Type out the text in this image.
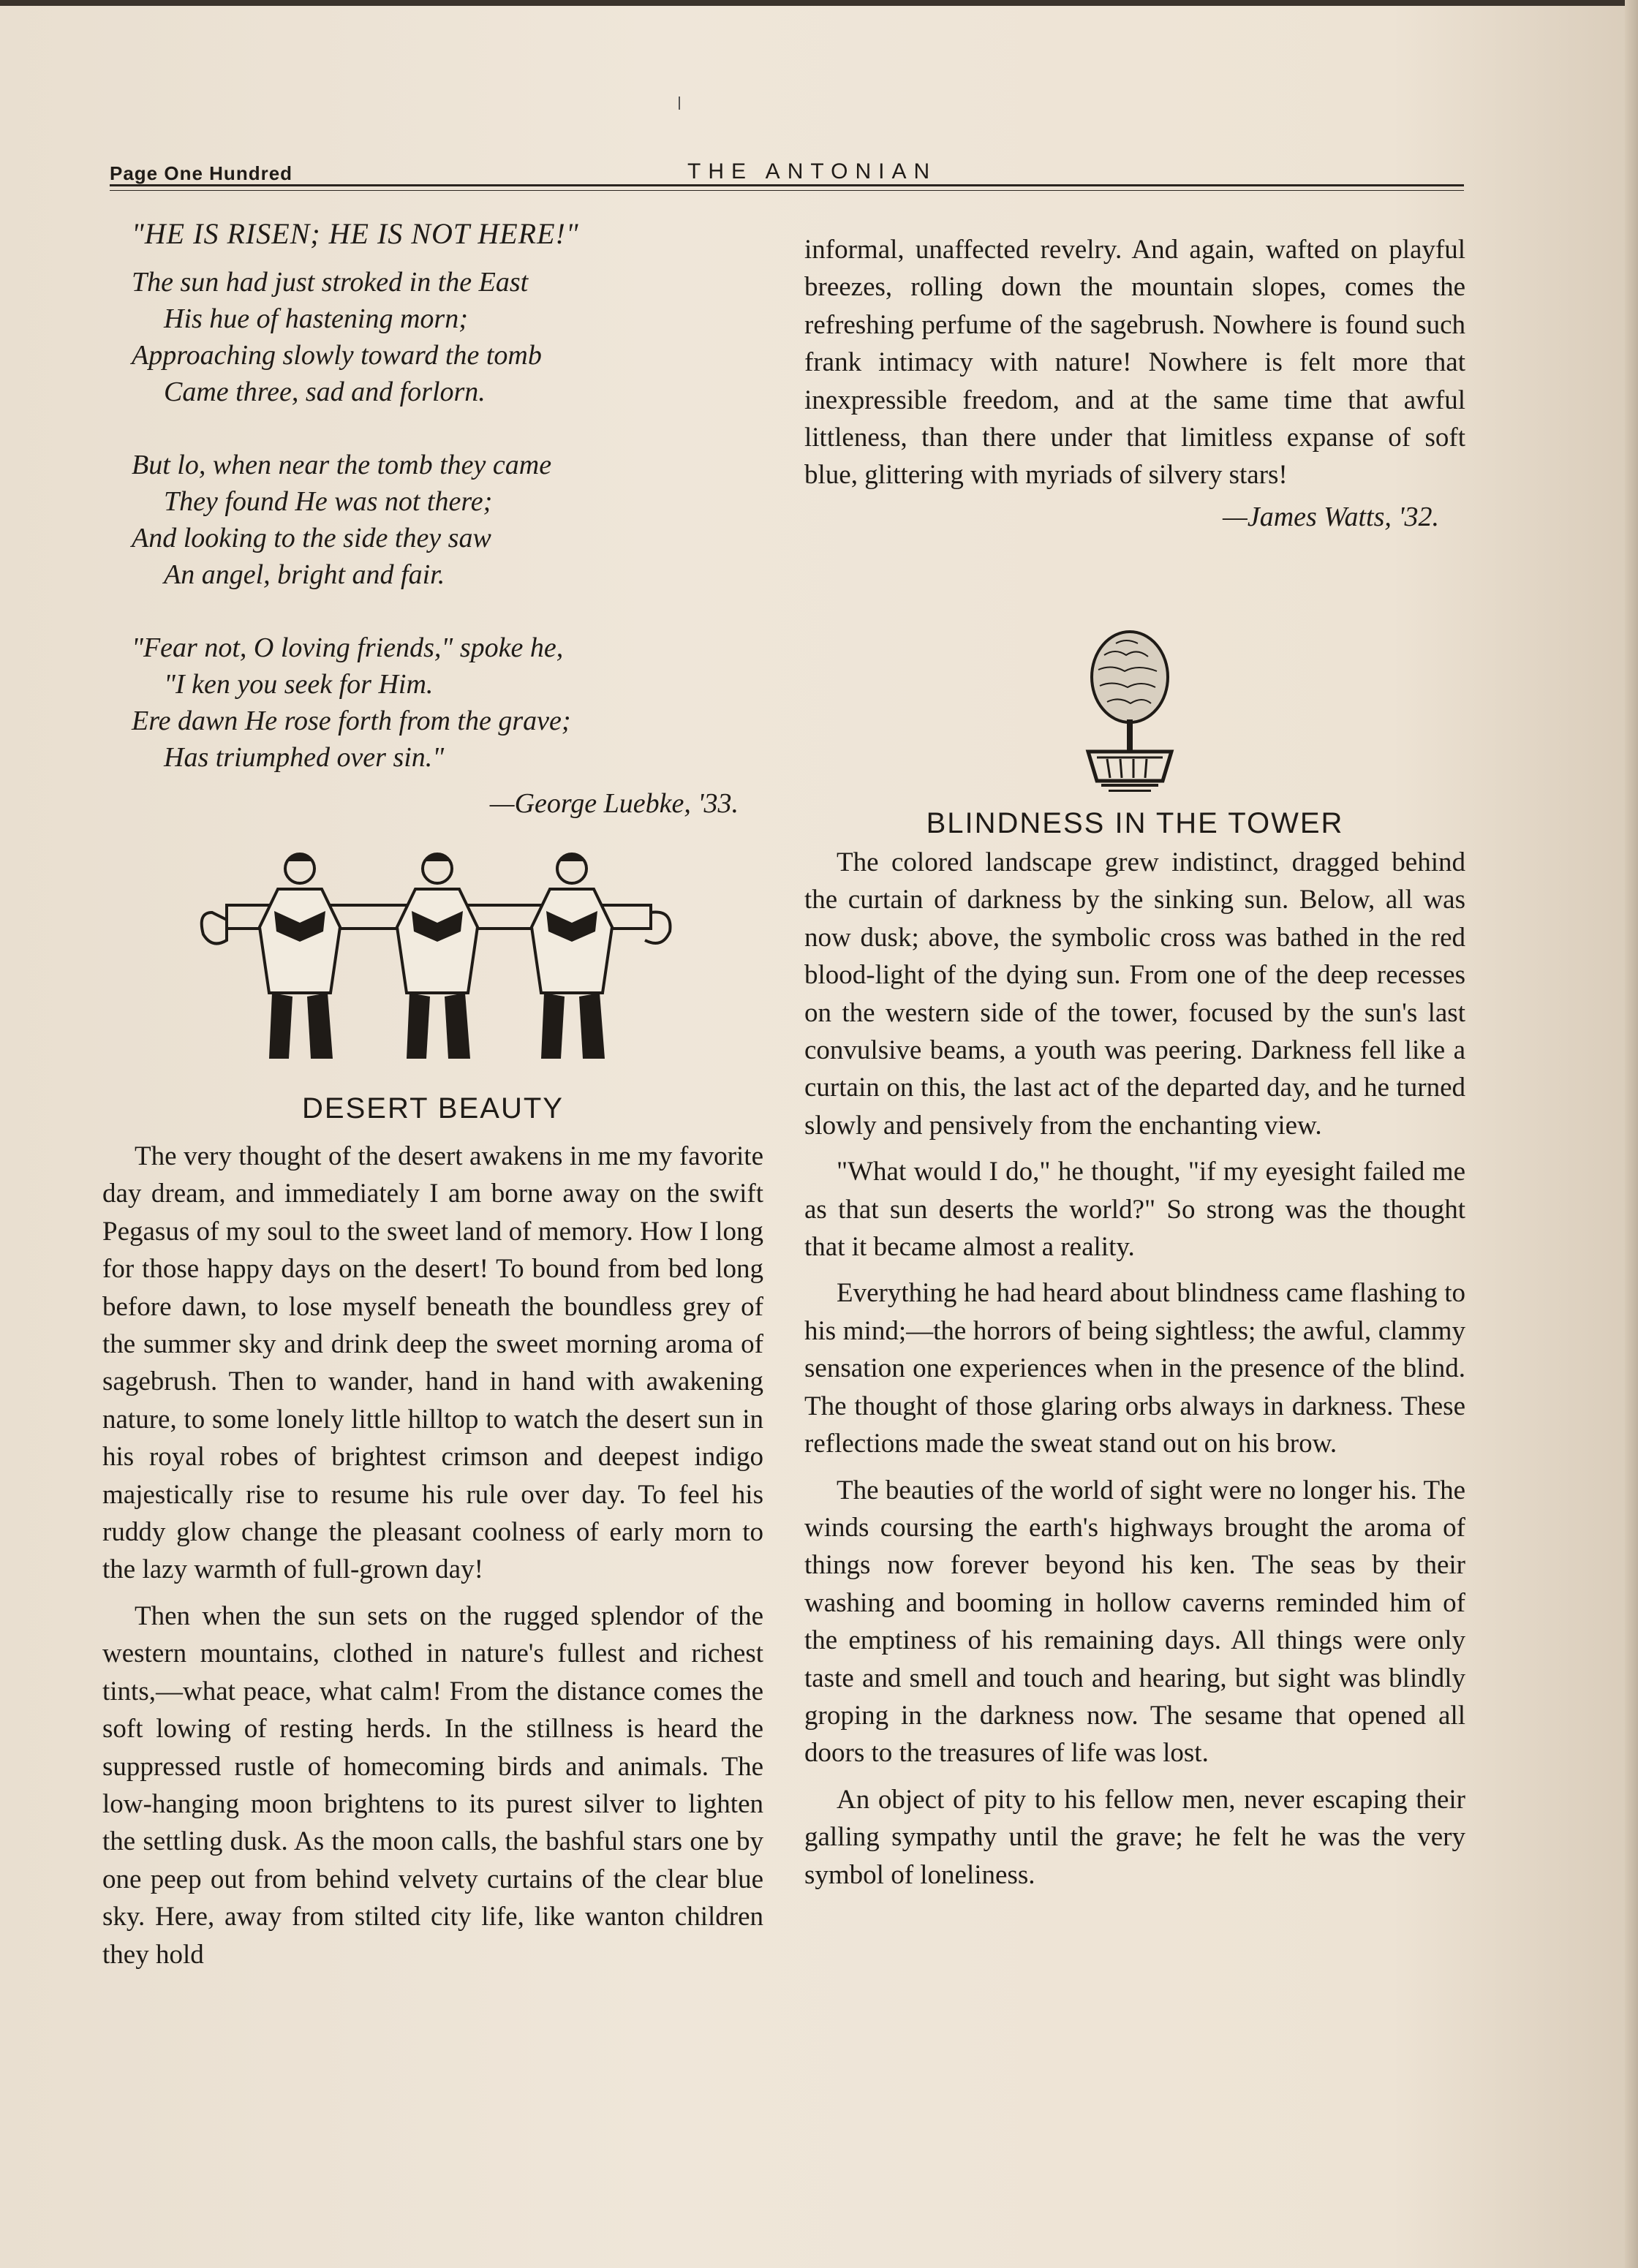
Page One Hundred	THE ANTONIAN
"HE IS RISEN; HE IS NOT HERE!"
The sun had just stroked in the East
His hue of hastening morn;
Approaching slowly toward the tomb
Came three, sad and forlorn.
But lo, when near the tomb they came
They found He was not there;
And looking to the side they saw
An angel, bright and fair.
"Fear not, O loving friends," spoke he,
"I ken you seek for Him.
Ere dawn He rose forth from the grave;
Has triumphed over sin."
—George Luebke, '33.
DESERT BEAUTY

The very thought of the desert awakens in me my favorite day dream, and immediately I am borne away on the swift Pegasus of my soul to the sweet land of memory. How I long for those happy days on the desert! To bound from bed long before dawn, to lose myself beneath the boundless grey of the summer sky and drink deep the sweet morning aroma of sagebrush. Then to wander, hand in hand with awakening nature, to some lonely little hilltop to watch the desert sun in his royal robes of brightest crimson and deepest indigo majestically rise to resume his rule over day. To feel his ruddy glow change the pleasant coolness of early morn to the lazy warmth of full-grown day!

Then when the sun sets on the rugged splendor of the western mountains, clothed in nature's fullest and richest tints,—what peace, what calm! From the distance comes the soft lowing of resting herds. In the stillness is heard the suppressed rustle of homecoming birds and animals. The low-hanging moon brightens to its purest silver to lighten the settling dusk. As the moon calls, the bashful stars one by one peep out from behind velvety curtains of the clear blue sky. Here, away from stilted city life, like wanton children they hold

informal, unaffected revelry. And again, wafted on playful breezes, rolling down the mountain slopes, comes the refreshing perfume of the sagebrush. Nowhere is found such frank intimacy with nature! Nowhere is felt more that inexpressible freedom, and at the same time that awful littleness, than there under that limitless expanse of soft blue, glittering with myriads of silvery stars!

—James Watts, '32.
BLINDNESS IN THE TOWER

The colored landscape grew indistinct, dragged behind the curtain of darkness by the sinking sun. Below, all was now dusk; above, the symbolic cross was bathed in the red blood-light of the dying sun. From one of the deep recesses on the western side of the tower, focused by the sun's last convulsive beams, a youth was peering. Darkness fell like a curtain on this, the last act of the departed day, and he turned slowly and pensively from the enchanting view.

"What would I do," he thought, "if my eyesight failed me as that sun deserts the world?" So strong was the thought that it became almost a reality.

Everything he had heard about blindness came flashing to his mind;—the horrors of being sightless; the awful, clammy sensation one experiences when in the presence of the blind. The thought of those glaring orbs always in darkness. These reflections made the sweat stand out on his brow.

The beauties of the world of sight were no longer his. The winds coursing the earth's highways brought the aroma of things now forever beyond his ken. The seas by their washing and booming in hollow caverns reminded him of the emptiness of his remaining days. All things were only taste and smell and touch and hearing, but sight was blindly groping in the darkness now. The sesame that opened all doors to the treasures of life was lost.

An object of pity to his fellow men, never escaping their galling sympathy until the grave; he felt he was the very symbol of loneliness.
